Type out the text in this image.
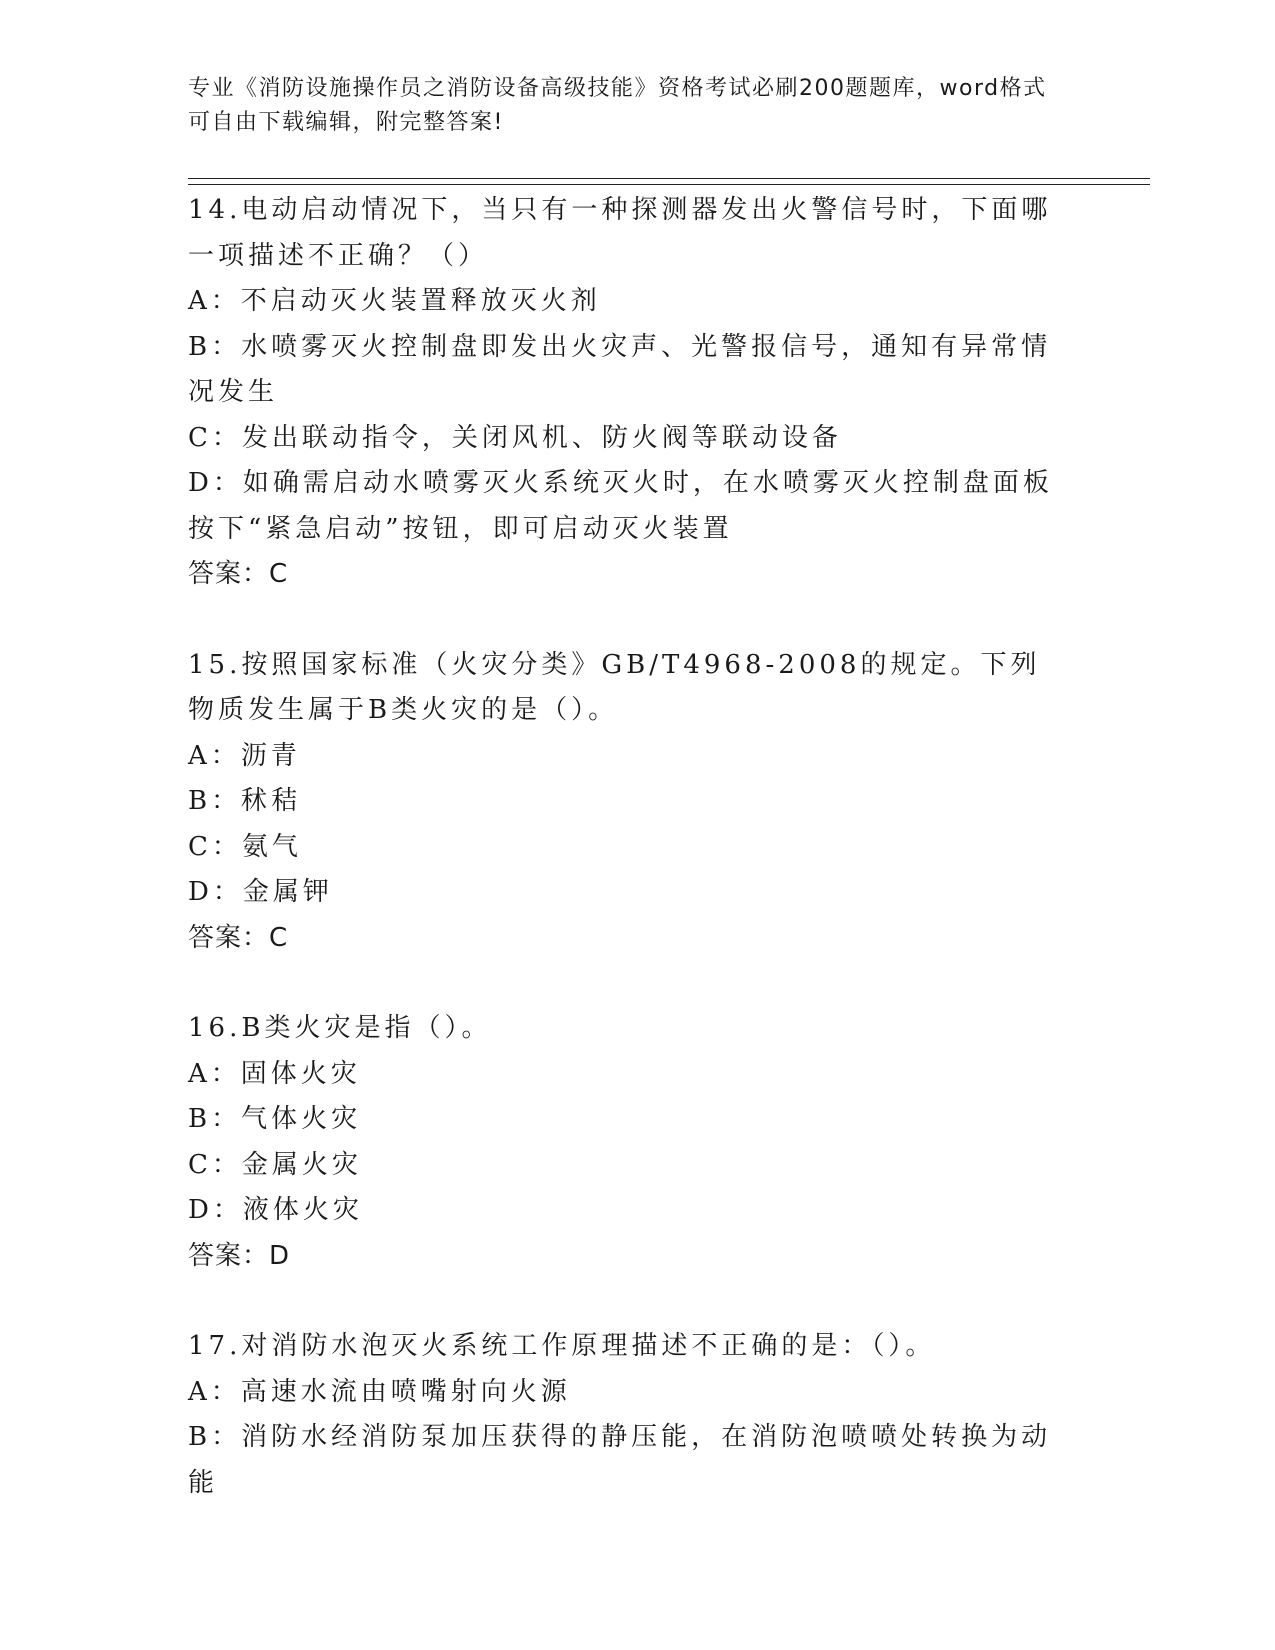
专业《消防设施操作员之消防设备高级技能》资格考试必刷200题题库，word格式可自由下载编辑，附完整答案!
14.电动启动情况下，当只有一种探测器发出火警信号时，下面哪一项描述不正确？（）
A：不启动灭火装置释放灭火剂
B：水喷雾灭火控制盘即发出火灾声、光警报信号，通知有异常情况发生
C：发出联动指令，关闭风机、防火阀等联动设备
D：如确需启动水喷雾灭火系统灭火时，在水喷雾灭火控制盘面板按下“紧急启动”按钮，即可启动灭火装置
答案：C
15.按照国家标准（火灾分类》GB/T4968-2008的规定。下列物质发生属于B类火灾的是（）。
A：沥青
B：秫秸
C：氨气
D：金属钾
答案：C
16.B类火灾是指（）。
A：固体火灾
B：气体火灾
C：金属火灾
D：液体火灾
答案：D
17.对消防水泡灭火系统工作原理描述不正确的是：（）。
A：高速水流由喷嘴射向火源
B：消防水经消防泵加压获得的静压能，在消防泡喷喷处转换为动能
